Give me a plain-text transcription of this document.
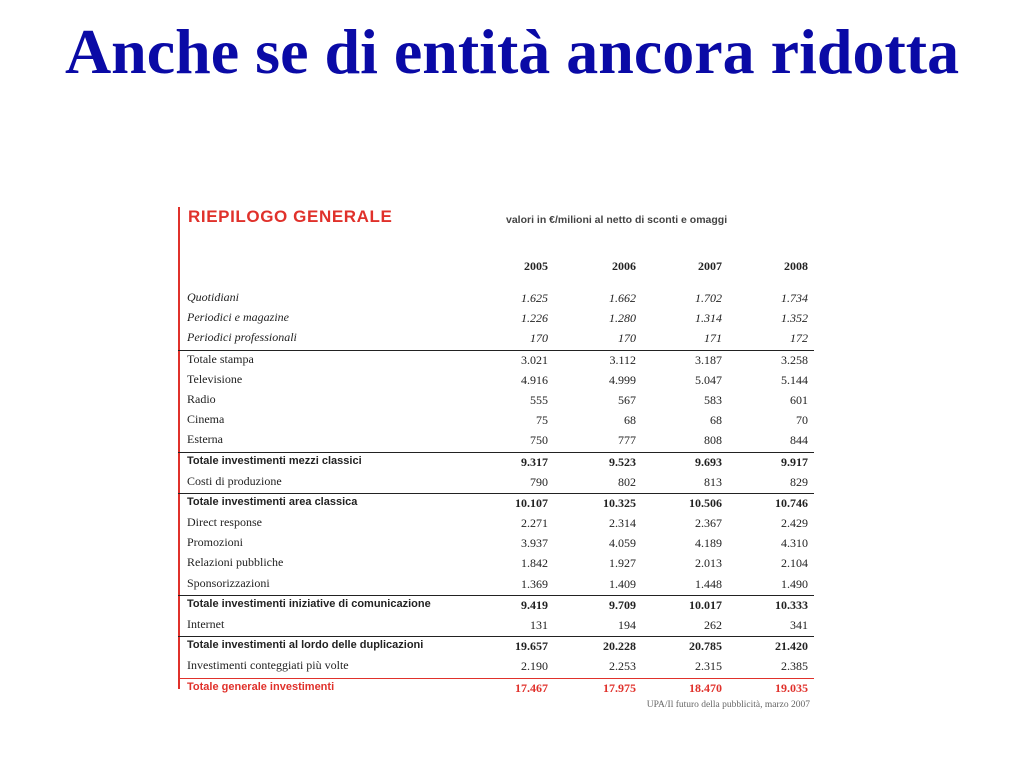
Anche se di entità ancora ridotta
RIEPILOGO GENERALE	valori in €/milioni al netto di sconti e omaggi
2005	2006	2007	2008
Quotidiani	1.625	1.662	1.702	1.734
Periodici e magazine	1.226	1.280	1.314	1.352
Periodici professionali	170	170	171	172
Totale stampa	3.021	3.112	3.187	3.258
Televisione	4.916	4.999	5.047	5.144
Radio	555	567	583	601
Cinema	75	68	68	70
Esterna	750	777	808	844
Totale investimenti mezzi classici	9.317	9.523	9.693	9.917
Costi di produzione	790	802	813	829
Totale investimenti area classica	10.107	10.325	10.506	10.746
Direct response	2.271	2.314	2.367	2.429
Promozioni	3.937	4.059	4.189	4.310
Relazioni pubbliche	1.842	1.927	2.013	2.104
Sponsorizzazioni	1.369	1.409	1.448	1.490
Totale investimenti iniziative di comunicazione	9.419	9.709	10.017	10.333
Internet	131	194	262	341
Totale investimenti al lordo delle duplicazioni	19.657	20.228	20.785	21.420
Investimenti conteggiati più volte	2.190	2.253	2.315	2.385
Totale generale investimenti	17.467	17.975	18.470	19.035
UPA/Il futuro della pubblicità, marzo 2007
